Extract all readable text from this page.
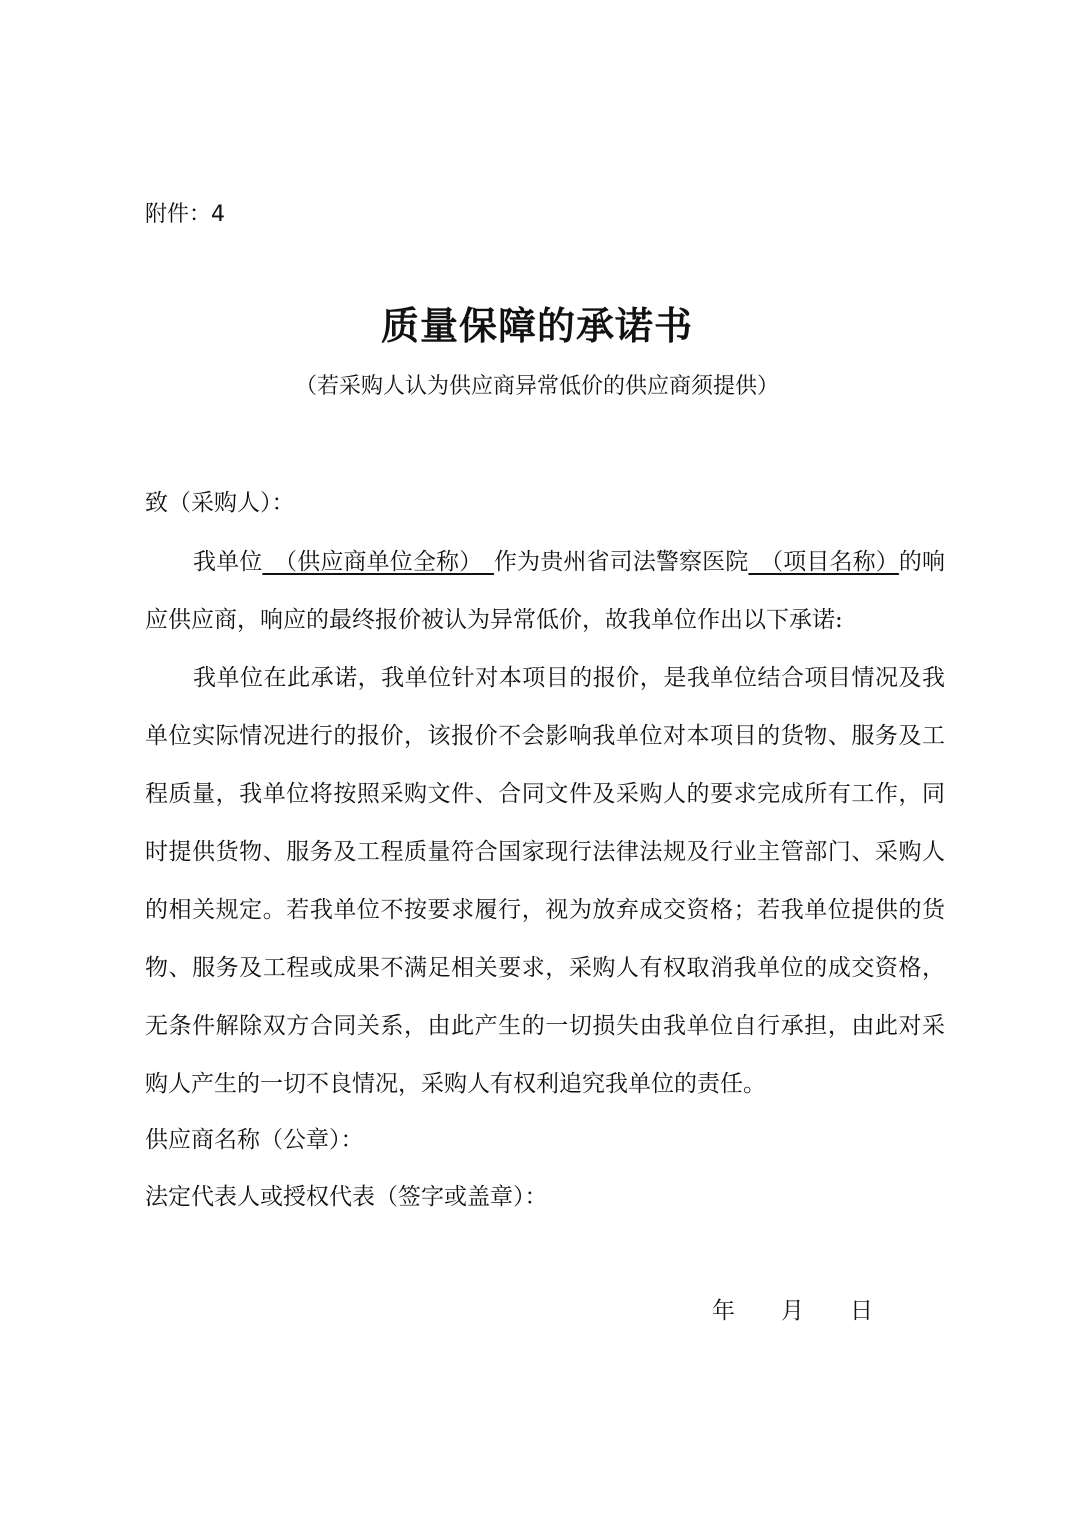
附件：4
质量保障的承诺书
（若采购人认为供应商异常低价的供应商须提供）
致（采购人）：

我单位　（供应商单位全称）　作为贵州省司法警察医院　（项目名称）的响应供应商，响应的最终报价被认为异常低价，故我单位作出以下承诺:

我单位在此承诺，我单位针对本项目的报价，是我单位结合项目情况及我单位实际情况进行的报价，该报价不会影响我单位对本项目的货物、服务及工程质量，我单位将按照采购文件、合同文件及采购人的要求完成所有工作，同时提供货物、服务及工程质量符合国家现行法律法规及行业主管部门、采购人的相关规定。若我单位不按要求履行，视为放弃成交资格；若我单位提供的货物、服务及工程或成果不满足相关要求，采购人有权取消我单位的成交资格，无条件解除双方合同关系，由此产生的一切损失由我单位自行承担，由此对采购人产生的一切不良情况，采购人有权利追究我单位的责任。

供应商名称（公章）：
法定代表人或授权代表（签字或盖章）：
年　　月　　日
